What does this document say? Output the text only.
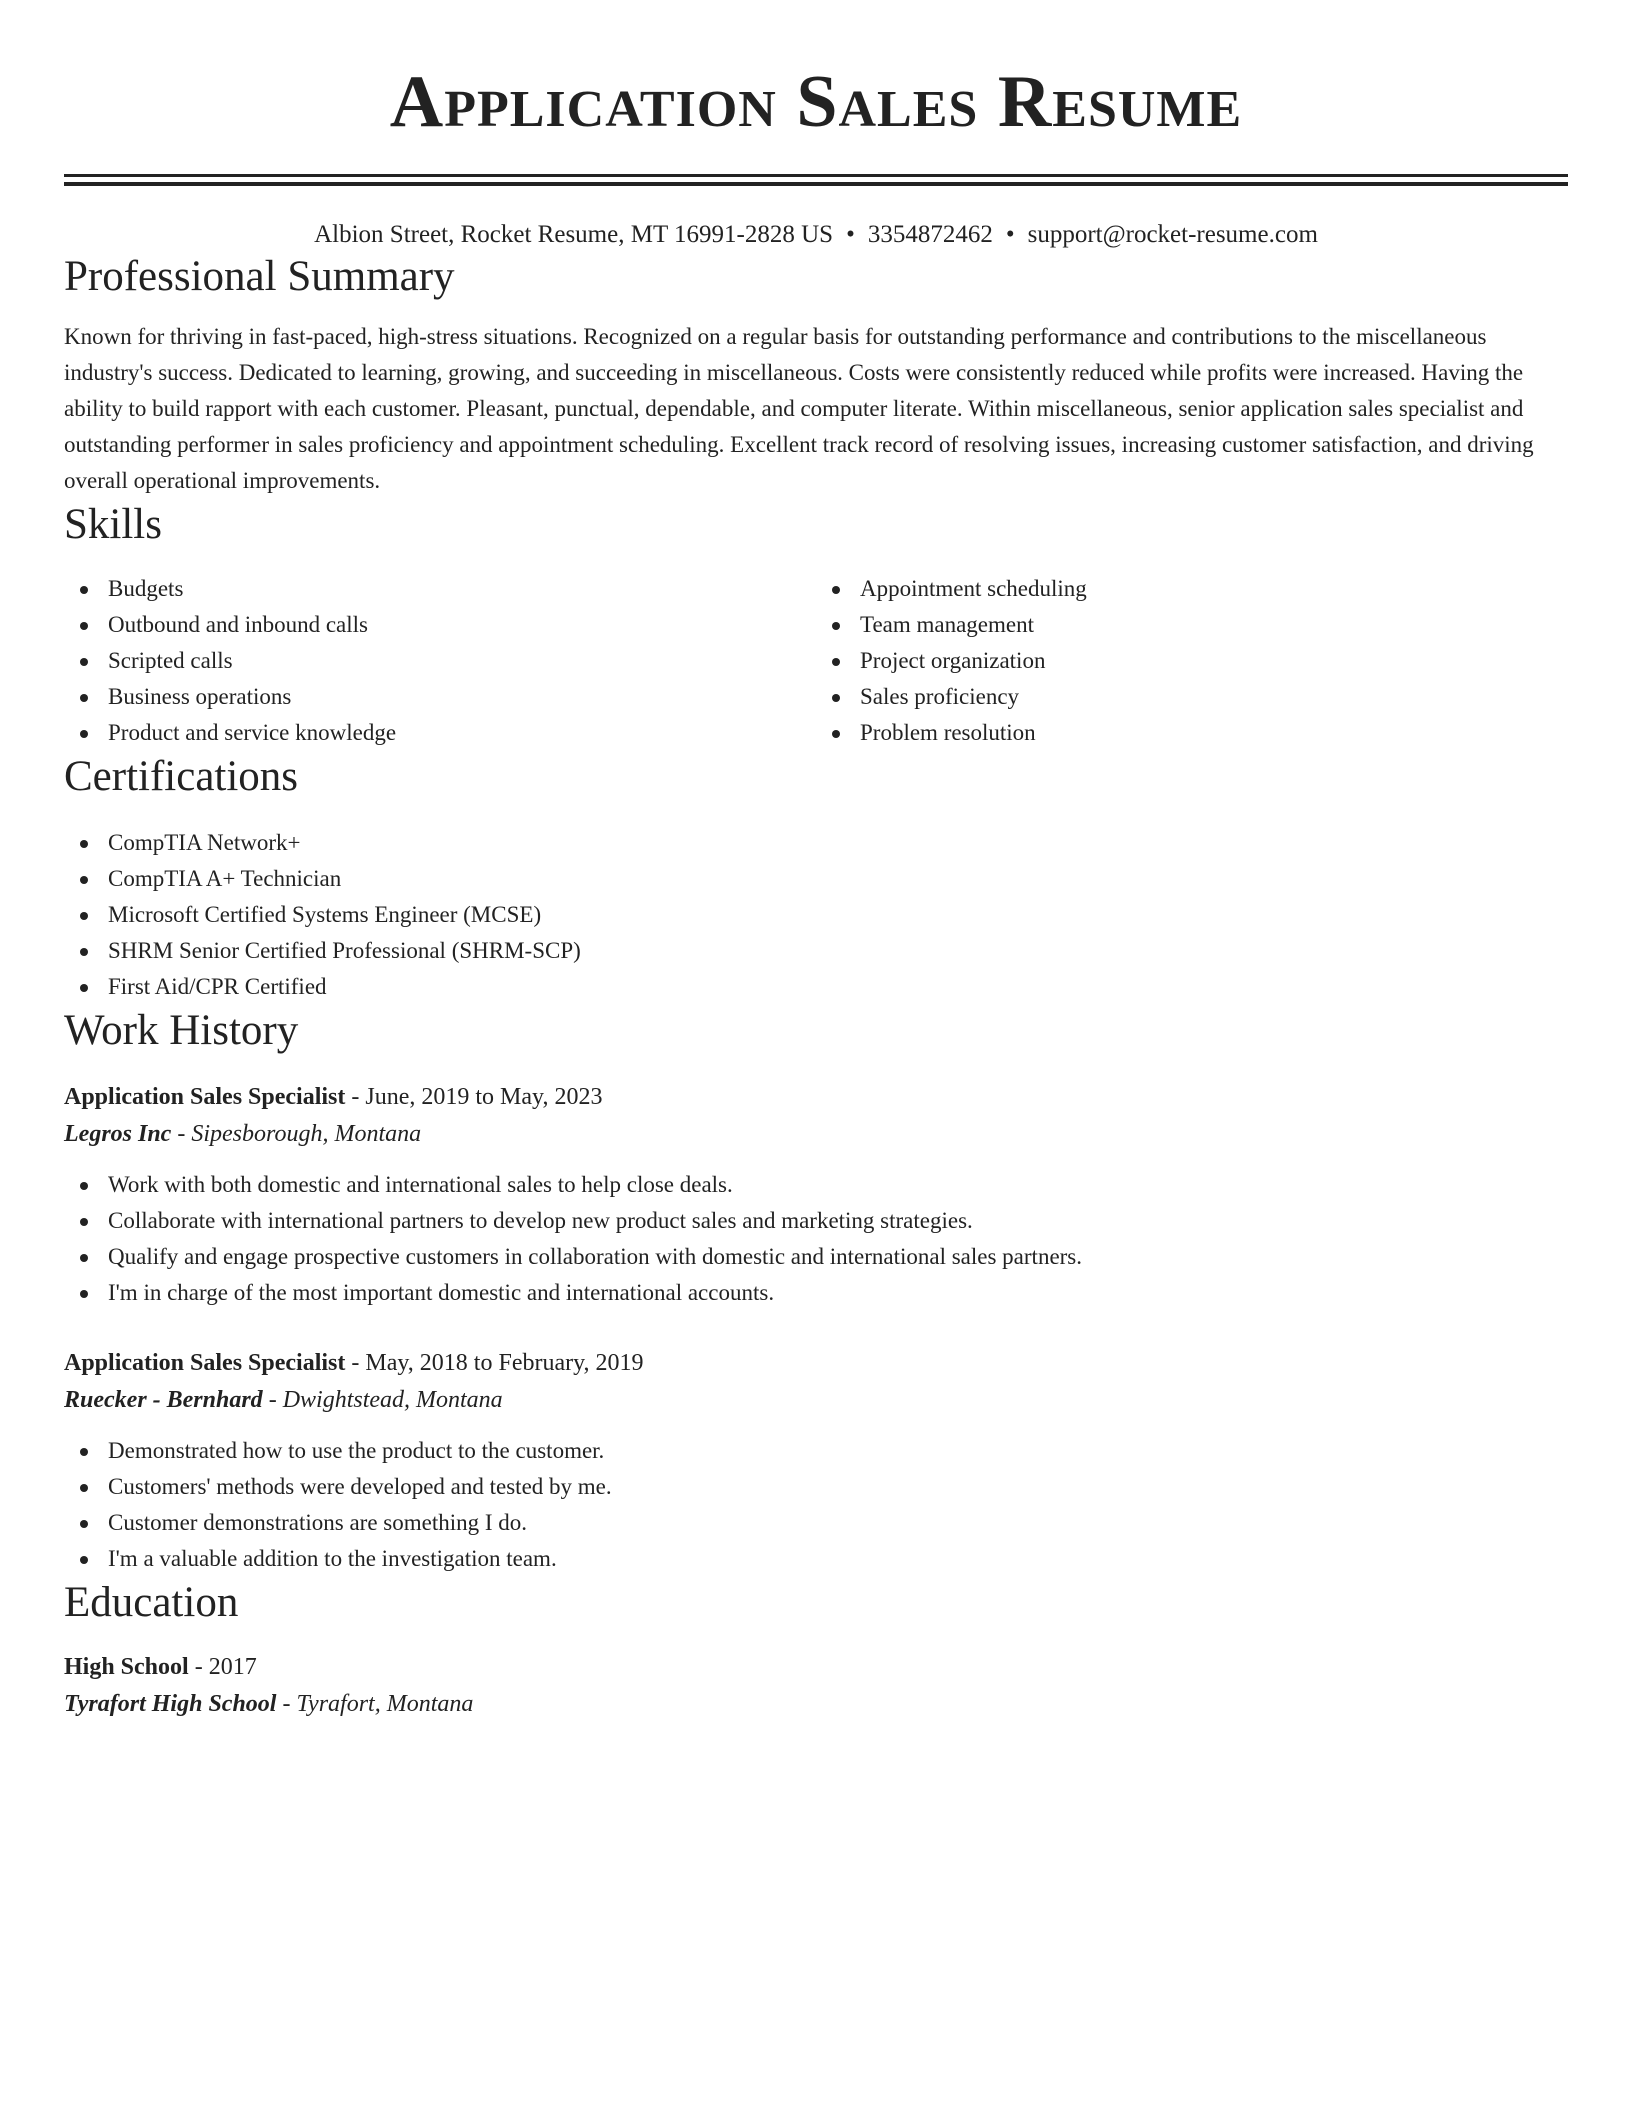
Application Sales Resume
Albion Street, Rocket Resume, MT 16991-2828 US • 3354872462 • support@rocket-resume.com
Professional Summary

Known for thriving in fast-paced, high-stress situations. Recognized on a regular basis for outstanding performance and contributions to the miscellaneous industry's success. Dedicated to learning, growing, and succeeding in miscellaneous. Costs were consistently reduced while profits were increased. Having the ability to build rapport with each customer. Pleasant, punctual, dependable, and computer literate. Within miscellaneous, senior application sales specialist and outstanding performer in sales proficiency and appointment scheduling. Excellent track record of resolving issues, increasing customer satisfaction, and driving overall operational improvements.

Skills
Budgets
Outbound and inbound calls
Scripted calls
Business operations
Product and service knowledge
Appointment scheduling
Team management
Project organization
Sales proficiency
Problem resolution
Certifications
CompTIA Network+
CompTIA A+ Technician
Microsoft Certified Systems Engineer (MCSE)
SHRM Senior Certified Professional (SHRM-SCP)
First Aid/CPR Certified
Work History
Application Sales Specialist - June, 2019 to May, 2023
Legros Inc - Sipesborough, Montana
Work with both domestic and international sales to help close deals.
Collaborate with international partners to develop new product sales and marketing strategies.
Qualify and engage prospective customers in collaboration with domestic and international sales partners.
I'm in charge of the most important domestic and international accounts.
Application Sales Specialist - May, 2018 to February, 2019
Ruecker - Bernhard - Dwightstead, Montana
Demonstrated how to use the product to the customer.
Customers' methods were developed and tested by me.
Customer demonstrations are something I do.
I'm a valuable addition to the investigation team.
Education
High School - 2017
Tyrafort High School - Tyrafort, Montana
